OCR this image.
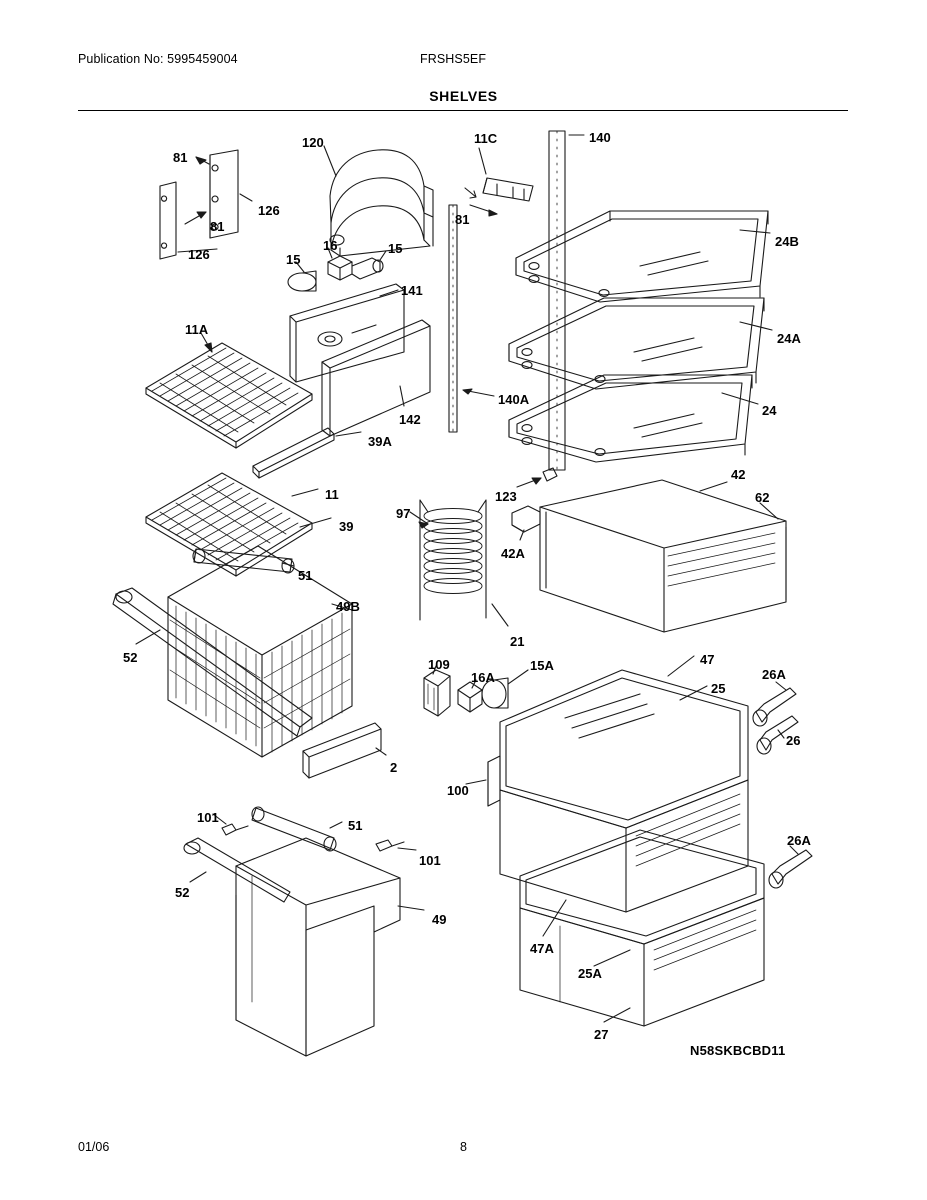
Publication No: 5995459004	FRSHS5EF
SHELVES
81
120	11C	140
126
81	81
24B
126	15
16	15
141
24A
11A
140A
24
142
39A
42
62
11	123
97
39
42A
51
49B
52
21
109
16A
15A	47
26A
25
26
100
2
101
51
101
26A
52
49
47A
25A
27
N58SKBCBD11
01/06	8
